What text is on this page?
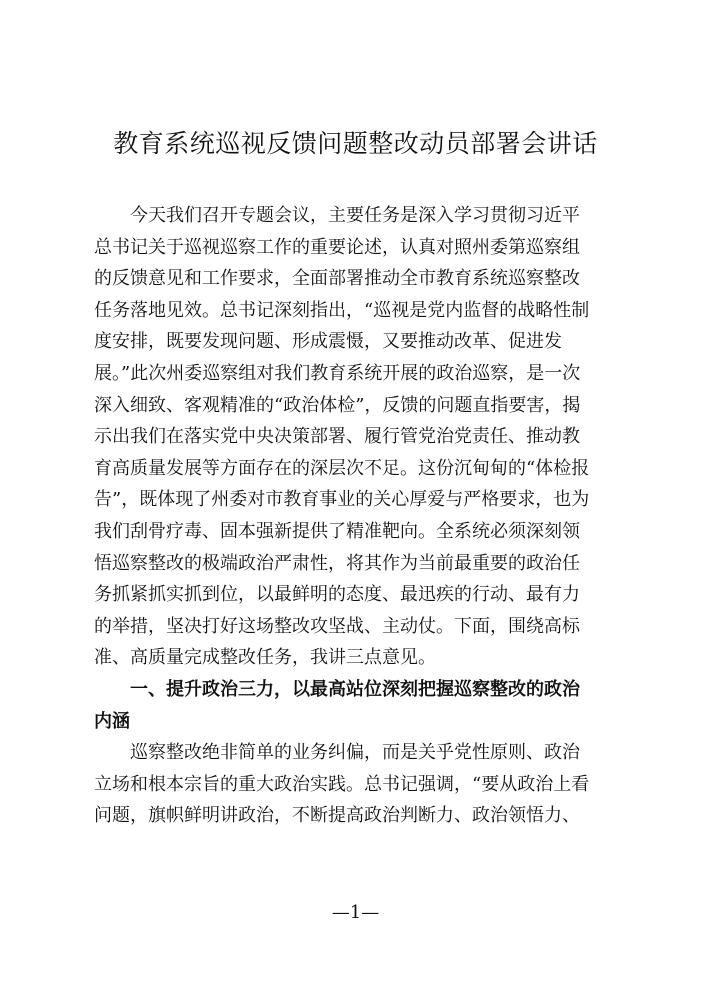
教育系统巡视反馈问题整改动员部署会讲话
今天我们召开专题会议，主要任务是深入学习贯彻习近平
总书记关于巡视巡察工作的重要论述，认真对照州委第巡察组
的反馈意见和工作要求，全面部署推动全市教育系统巡察整改
任务落地见效。总书记深刻指出，“巡视是党内监督的战略性制
度安排，既要发现问题、形成震慑，又要推动改革、促进发
展。”此次州委巡察组对我们教育系统开展的政治巡察，是一次
深入细致、客观精准的“政治体检”，反馈的问题直指要害，揭
示出我们在落实党中央决策部署、履行管党治党责任、推动教
育高质量发展等方面存在的深层次不足。这份沉甸甸的“体检报
告”，既体现了州委对市教育事业的关心厚爱与严格要求，也为
我们刮骨疗毒、固本强新提供了精准靶向。全系统必须深刻领
悟巡察整改的极端政治严肃性，将其作为当前最重要的政治任
务抓紧抓实抓到位，以最鲜明的态度、最迅疾的行动、最有力
的举措，坚决打好这场整改攻坚战、主动仗。下面，围绕高标
准、高质量完成整改任务，我讲三点意见。
一、提升政治三力，以最高站位深刻把握巡察整改的政治
内涵
巡察整改绝非简单的业务纠偏，而是关乎党性原则、政治
立场和根本宗旨的重大政治实践。总书记强调，“要从政治上看
问题，旗帜鲜明讲政治，不断提高政治判断力、政治领悟力、
—1—
